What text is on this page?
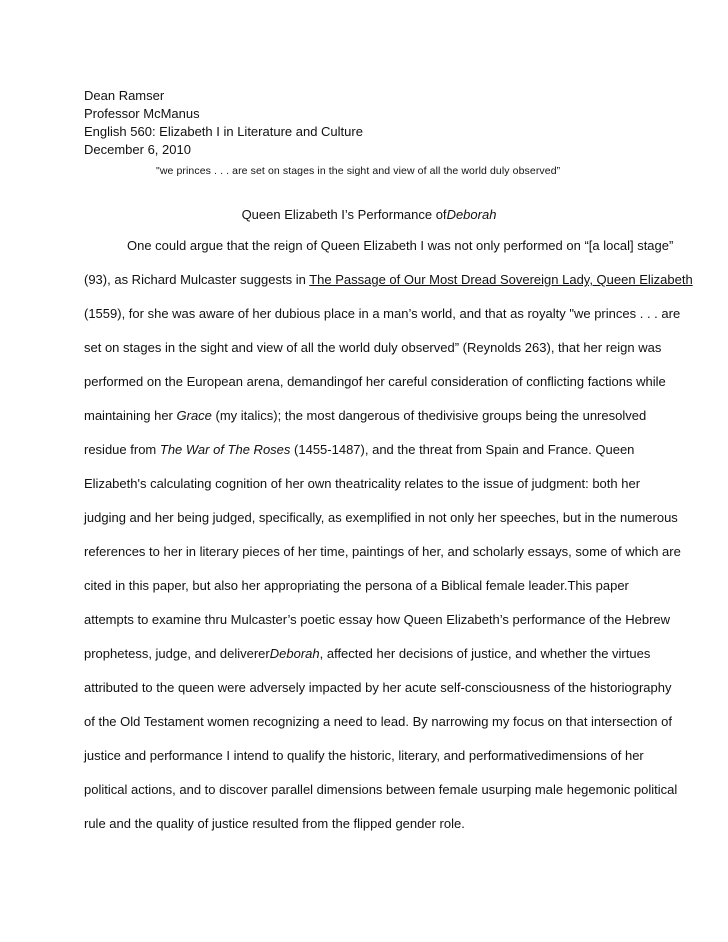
Dean Ramser
Professor McManus
English 560: Elizabeth I in Literature and Culture
December 6, 2010
"we princes . . . are set on stages in the sight and view of all the world duly observed”
Queen Elizabeth I’s Performance ofDeborah
One could argue that the reign of Queen Elizabeth I was not only performed on “[a local] stage”
(93), as Richard Mulcaster suggests in The Passage of Our Most Dread Sovereign Lady, Queen Elizabeth
(1559), for she was aware of her dubious place in a man’s world, and that as royalty "we princes . . . are
set on stages in the sight and view of all the world duly observed” (Reynolds 263), that her reign was
performed on the European arena, demandingof her careful consideration of conflicting factions while
maintaining her Grace (my italics); the most dangerous of thedivisive groups being the unresolved
residue from The War of The Roses (1455-1487), and the threat from Spain and France. Queen
Elizabeth's calculating cognition of her own theatricality relates to the issue of judgment: both her
judging and her being judged, specifically, as exemplified in not only her speeches, but in the numerous
references to her in literary pieces of her time, paintings of her, and scholarly essays, some of which are
cited in this paper, but also her appropriating the persona of a Biblical female leader.This paper
attempts to examine thru Mulcaster’s poetic essay how Queen Elizabeth’s performance of the Hebrew
prophetess, judge, and delivererDeborah, affected her decisions of justice, and whether the virtues
attributed to the queen were adversely impacted by her acute self-consciousness of the historiography
of the Old Testament women recognizing a need to lead. By narrowing my focus on that intersection of
justice and performance I intend to qualify the historic, literary, and performativedimensions of her
political actions, and to discover parallel dimensions between female usurping male hegemonic political
rule and the quality of justice resulted from the flipped gender role.
